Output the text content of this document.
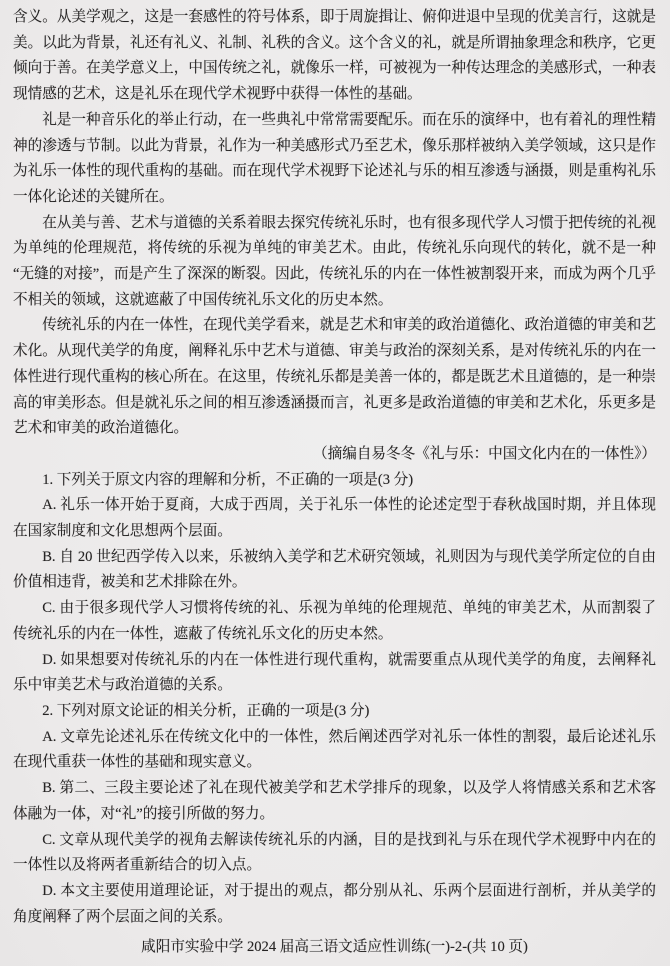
含义。从美学观之，这是一套感性的符号体系，即于周旋揖让、俯仰进退中呈现的优美言行，这就是美。以此为背景，礼还有礼义、礼制、礼秩的含义。这个含义的礼，就是所谓抽象理念和秩序，它更倾向于善。在美学意义上，中国传统之礼，就像乐一样，可被视为一种传达理念的美感形式，一种表现情感的艺术，这是礼乐在现代学术视野中获得一体性的基础。

礼是一种音乐化的举止行动，在一些典礼中常常需要配乐。而在乐的演绎中，也有着礼的理性精神的渗透与节制。以此为背景，礼作为一种美感形式乃至艺术，像乐那样被纳入美学领域，这只是作为礼乐一体性的现代重构的基础。而在现代学术视野下论述礼与乐的相互渗透与涵摄，则是重构礼乐一体化论述的关键所在。

在从美与善、艺术与道德的关系着眼去探究传统礼乐时，也有很多现代学人习惯于把传统的礼视为单纯的伦理规范，将传统的乐视为单纯的审美艺术。由此，传统礼乐向现代的转化，就不是一种“无缝的对接”，而是产生了深深的断裂。因此，传统礼乐的内在一体性被割裂开来，而成为两个几乎不相关的领域，这就遮蔽了中国传统礼乐文化的历史本然。

传统礼乐的内在一体性，在现代美学看来，就是艺术和审美的政治道德化、政治道德的审美和艺术化。从现代美学的角度，阐释礼乐中艺术与道德、审美与政治的深刻关系，是对传统礼乐的内在一体性进行现代重构的核心所在。在这里，传统礼乐都是美善一体的，都是既艺术且道德的，是一种崇高的审美形态。但是就礼乐之间的相互渗透涵摄而言，礼更多是政治道德的审美和艺术化，乐更多是艺术和审美的政治道德化。

（摘编自易冬冬《礼与乐：中国文化内在的一体性》）

1. 下列关于原文内容的理解和分析，不正确的一项是(3 分)

A. 礼乐一体开始于夏商，大成于西周，关于礼乐一体性的论述定型于春秋战国时期，并且体现在国家制度和文化思想两个层面。

B. 自 20 世纪西学传入以来，乐被纳入美学和艺术研究领域，礼则因为与现代美学所定位的自由价值相违背，被美和艺术排除在外。

C. 由于很多现代学人习惯将传统的礼、乐视为单纯的伦理规范、单纯的审美艺术，从而割裂了传统礼乐的内在一体性，遮蔽了传统礼乐文化的历史本然。

D. 如果想要对传统礼乐的内在一体性进行现代重构，就需要重点从现代美学的角度，去阐释礼乐中审美艺术与政治道德的关系。

2. 下列对原文论证的相关分析，正确的一项是(3 分)

A. 文章先论述礼乐在传统文化中的一体性，然后阐述西学对礼乐一体性的割裂，最后论述礼乐在现代重获一体性的基础和现实意义。

B. 第二、三段主要论述了礼在现代被美学和艺术学排斥的现象，以及学人将情感关系和艺术客体融为一体，对“礼”的接引所做的努力。

C. 文章从现代美学的视角去解读传统礼乐的内涵，目的是找到礼与乐在现代学术视野中内在的一体性以及将两者重新结合的切入点。

D. 本文主要使用道理论证，对于提出的观点，都分别从礼、乐两个层面进行剖析，并从美学的角度阐释了两个层面之间的关系。

咸阳市实验中学 2024 届高三语文适应性训练(一)-2-(共 10 页)
